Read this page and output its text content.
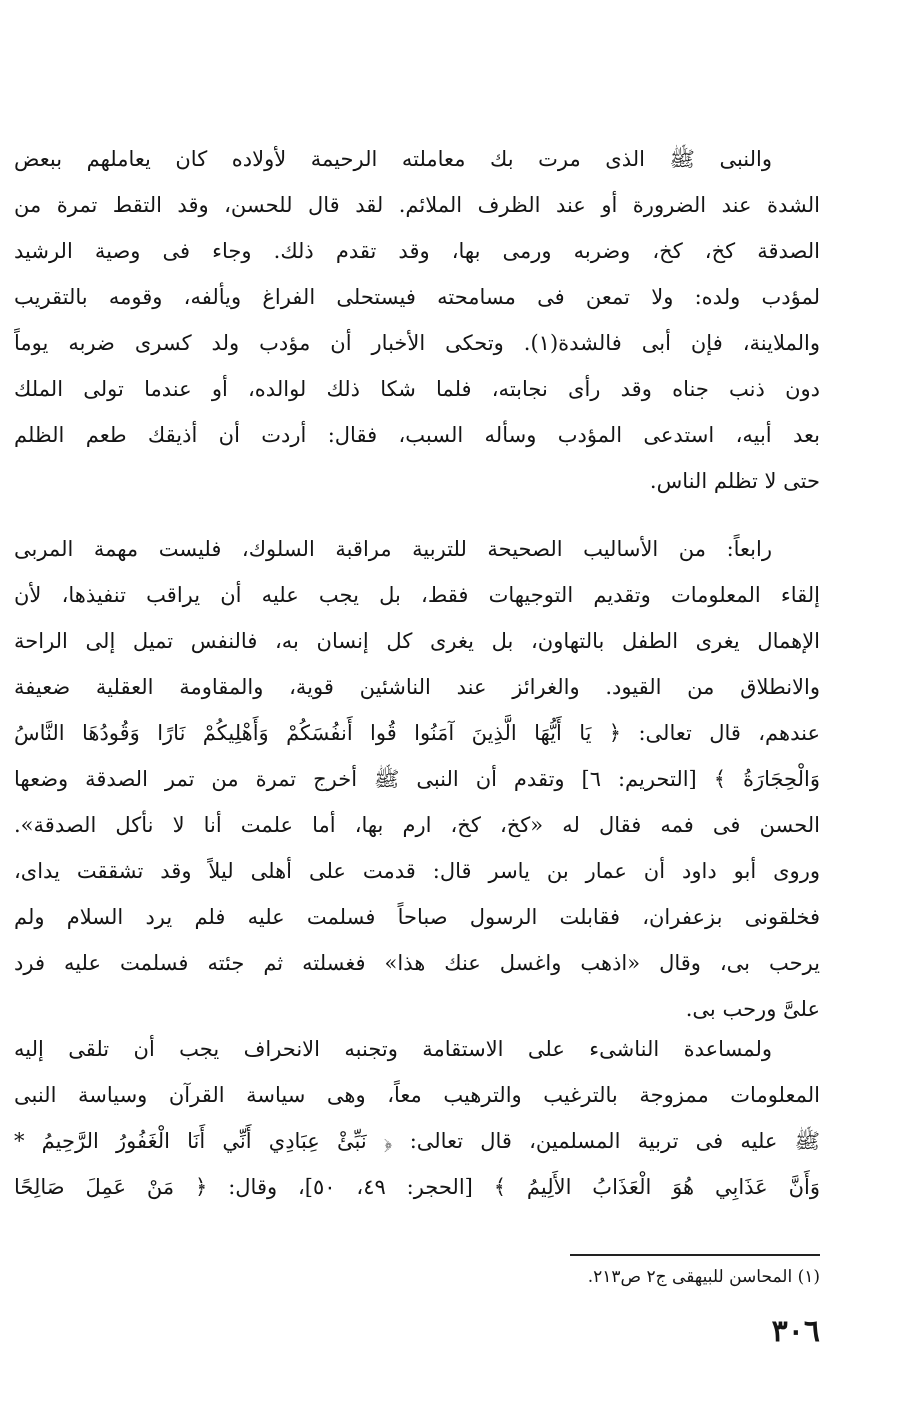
والنبى ﷺ الذى مرت بك معاملته الرحيمة لأولاده كان يعاملهم ببعض
الشدة عند الضرورة أو عند الظرف الملائم. لقد قال للحسن، وقد التقط تمرة من
الصدقة كخ، كخ، وضربه ورمى بها، وقد تقدم ذلك. وجاء فى وصية الرشيد
لمؤدب ولده: ولا تمعن فى مسامحته فيستحلى الفراغ ويألفه، وقومه بالتقريب
والملاينة، فإن أبى فالشدة(١). وتحكى الأخبار أن مؤدب ولد كسرى ضربه يوماً
دون ذنب جناه وقد رأى نجابته، فلما شكا ذلك لوالده، أو عندما تولى الملك
بعد أبيه، استدعى المؤدب وسأله السبب، فقال: أردت أن أذيقك طعم الظلم
حتى لا تظلم الناس.
رابعاً: من الأساليب الصحيحة للتربية مراقبة السلوك، فليست مهمة المربى
إلقاء المعلومات وتقديم التوجيهات فقط، بل يجب عليه أن يراقب تنفيذها، لأن
الإهمال يغرى الطفل بالتهاون، بل يغرى كل إنسان به، فالنفس تميل إلى الراحة
والانطلاق من القيود. والغرائز عند الناشئين قوية، والمقاومة العقلية ضعيفة
عندهم، قال تعالى: ﴿ يَا أَيُّهَا الَّذِينَ آمَنُوا قُوا أَنفُسَكُمْ وَأَهْلِيكُمْ نَارًا وَقُودُهَا النَّاسُ
وَالْحِجَارَةُ ﴾ [التحريم: ٦] وتقدم أن النبى ﷺ أخرج تمرة من تمر الصدقة وضعها
الحسن فى فمه فقال له «كخ، كخ، ارم بها، أما علمت أنا لا نأكل الصدقة».
وروى أبو داود أن عمار بن ياسر قال: قدمت على أهلى ليلاً وقد تشققت يداى،
فخلقونى بزعفران، فقابلت الرسول صباحاً فسلمت عليه فلم يرد السلام ولم
يرحب بى، وقال «اذهب واغسل عنك هذا» فغسلته ثم جئته فسلمت عليه فرد
علىَّ ورحب بى.
ولمساعدة الناشىء على الاستقامة وتجنبه الانحراف يجب أن تلقى إليه
المعلومات ممزوجة بالترغيب والترهيب معاً، وهى سياسة القرآن وسياسة النبى
ﷺ عليه فى تربية المسلمين، قال تعالى: ﴿ نَبِّئْ عِبَادِي أَنِّي أَنَا الْغَفُورُ الرَّحِيمُ *
وَأَنَّ عَذَابِي هُوَ الْعَذَابُ الأَلِيمُ ﴾ [الحجر: ٤٩، ٥٠]، وقال: ﴿ مَنْ عَمِلَ صَالِحًا
(١) المحاسن للبيهقى ج٢ ص٢١٣.
٣٠٦
